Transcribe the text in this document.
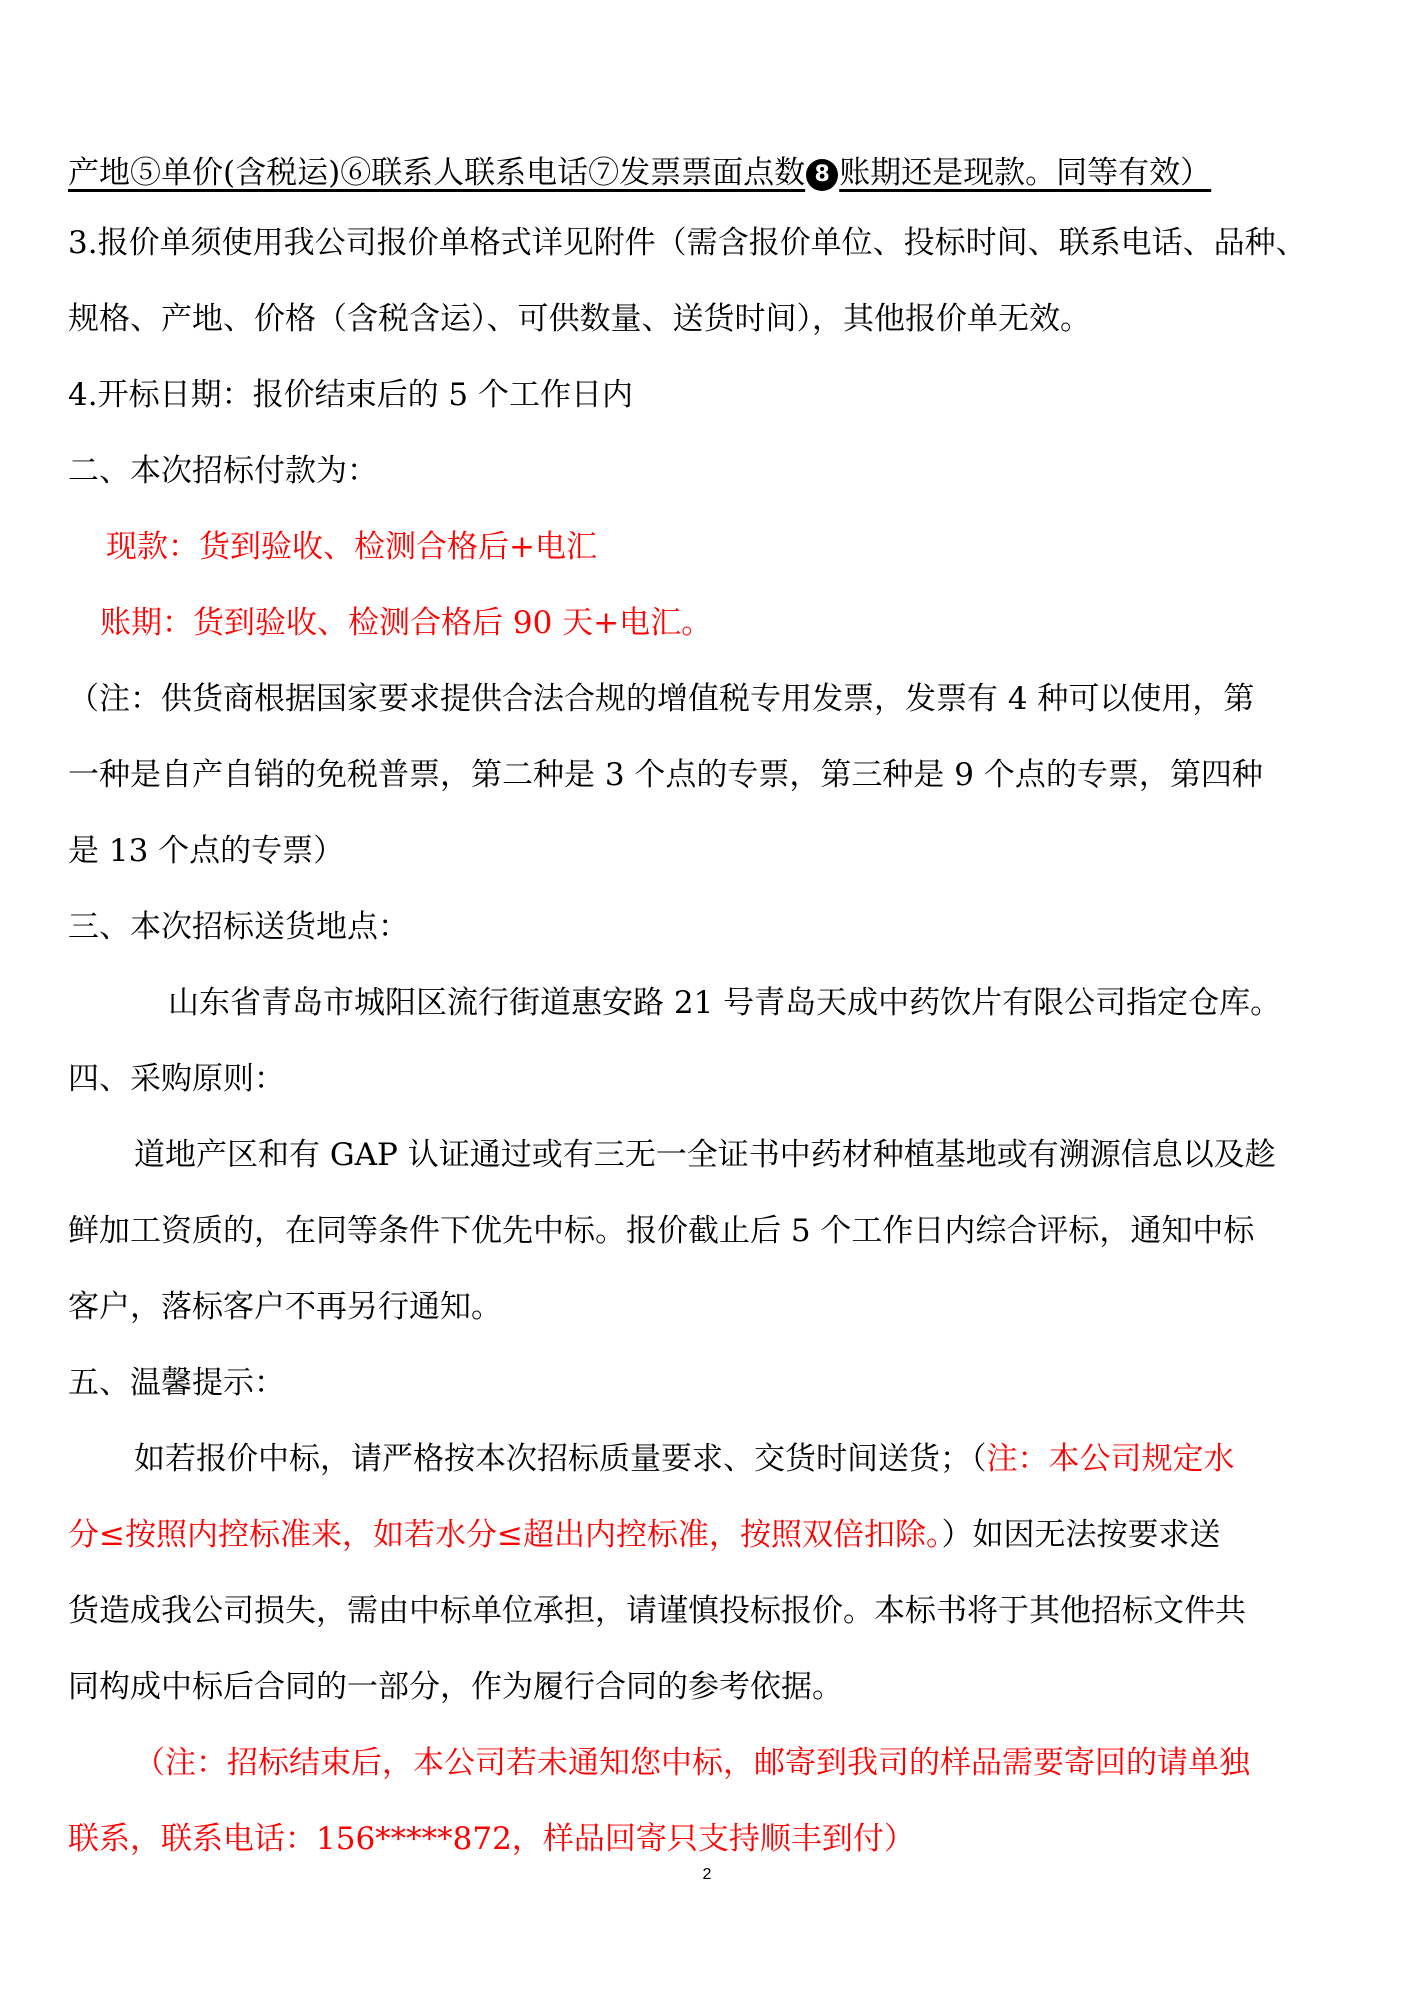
产地⑤单价(含税运)⑥联系人联系电话⑦发票票面点数 8 账期还是现款。同等有效）
3.报价单须使用我公司报价单格式详见附件（需含报价单位、投标时间、联系电话、品种、
规格、产地、价格（含税含运）、可供数量、送货时间），其他报价单无效。
4.开标日期：报价结束后的 5 个工作日内
二、本次招标付款为：
现款：货到验收、检测合格后+电汇
账期：货到验收、检测合格后 90 天+电汇。
（注：供货商根据国家要求提供合法合规的增值税专用发票，发票有 4 种可以使用，第
一种是自产自销的免税普票，第二种是 3 个点的专票，第三种是 9 个点的专票，第四种
是 13 个点的专票）
三、本次招标送货地点：
山东省青岛市城阳区流行街道惠安路 21 号青岛天成中药饮片有限公司指定仓库。
四、采购原则：
道地产区和有 GAP 认证通过或有三无一全证书中药材种植基地或有溯源信息以及趁
鲜加工资质的，在同等条件下优先中标。报价截止后 5 个工作日内综合评标，通知中标
客户，落标客户不再另行通知。
五、温馨提示：
如若报价中标，请严格按本次招标质量要求、交货时间送货；（注：本公司规定水
分≤按照内控标准来，如若水分≤超出内控标准，按照双倍扣除。）如因无法按要求送
货造成我公司损失，需由中标单位承担，请谨慎投标报价。本标书将于其他招标文件共
同构成中标后合同的一部分，作为履行合同的参考依据。
（注：招标结束后，本公司若未通知您中标，邮寄到我司的样品需要寄回的请单独
联系，联系电话：156*****872，样品回寄只支持顺丰到付）
2
